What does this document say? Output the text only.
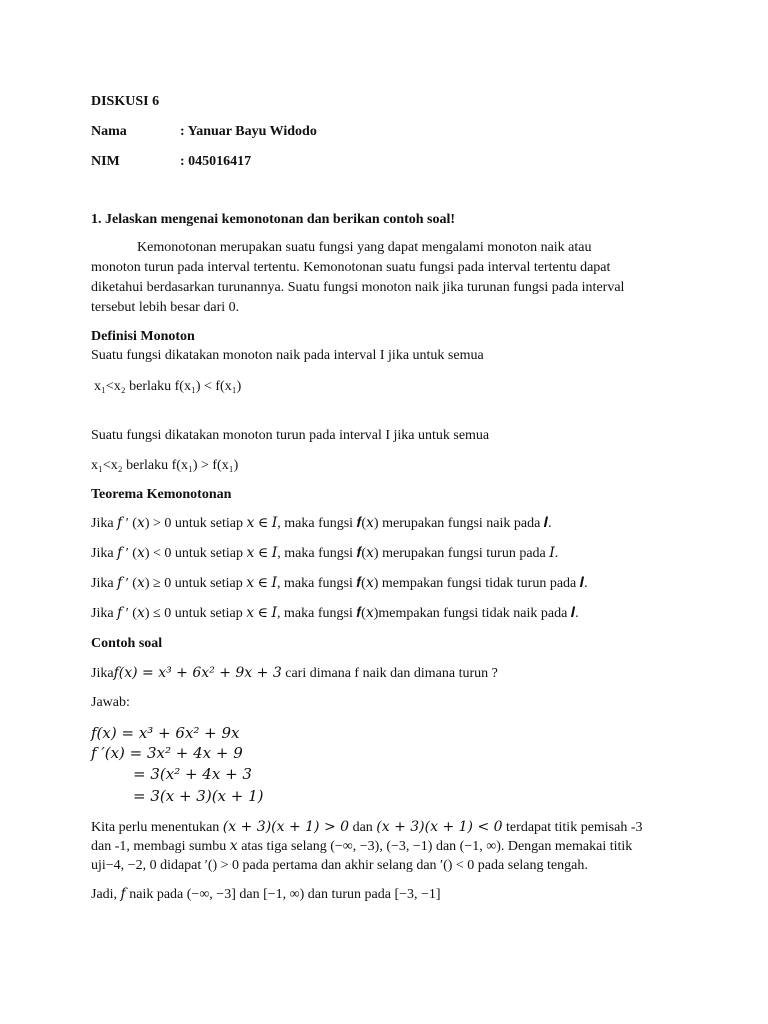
DISKUSI 6
Nama	: Yanuar Bayu Widodo
NIM	: 045016417
1. Jelaskan mengenai kemonotonan dan berikan contoh soal!
Kemonotonan merupakan suatu fungsi yang dapat mengalami monoton naik atau
monoton turun pada interval tertentu. Kemonotonan suatu fungsi pada interval tertentu dapat
diketahui berdasarkan turunannya. Suatu fungsi monoton naik jika turunan fungsi pada interval
tersebut lebih besar dari 0.
Definisi Monoton
Suatu fungsi dikatakan monoton naik pada interval I jika untuk semua
x₁<x₂ berlaku f(x₁) < f(x₁)
Suatu fungsi dikatakan monoton turun pada interval I jika untuk semua
x₁<x₂ berlaku f(x₁) > f(x₁)
Teorema Kemonotonan
Jika 𝑓 ′ (𝑥) > 0 untuk setiap 𝑥 ∈ 𝐼, maka fungsi 𝒇(𝑥) merupakan fungsi naik pada 𝑰.
Jika 𝑓 ′ (𝑥) < 0 untuk setiap 𝑥 ∈ 𝐼, maka fungsi 𝒇(𝑥) merupakan fungsi turun pada 𝐼.
Jika 𝑓 ′ (𝑥) ≥ 0 untuk setiap 𝑥 ∈ 𝐼, maka fungsi 𝒇(𝑥) mempakan fungsi tidak turun pada 𝑰.
Jika 𝑓 ′ (𝑥) ≤ 0 untuk setiap 𝑥 ∈ 𝐼, maka fungsi 𝒇(𝑥)mempakan fungsi tidak naik pada 𝑰.
Contoh soal
Jika𝑓(𝑥) = 𝑥³ + 6𝑥² + 9𝑥 + 3 cari dimana f naik dan dimana turun ?
Jawab:
𝑓(𝑥) = 𝑥³ + 6𝑥² + 9𝑥
𝑓 ′(𝑥) = 3𝑥² + 4𝑥 + 9
= 3(𝑥² + 4𝑥 + 3
= 3(𝑥 + 3)(𝑥 + 1)
Kita perlu menentukan (𝑥 + 3)(𝑥 + 1) > 0 dan (𝑥 + 3)(𝑥 + 1) < 0 terdapat titik pemisah -3
dan -1, membagi sumbu 𝑥 atas tiga selang (−∞, −3), (−3, −1) dan (−1, ∞). Dengan memakai titik
uji−4, −2, 0 didapat ′() > 0 pada pertama dan akhir selang dan ′() < 0 pada selang tengah.
Jadi, 𝑓 naik pada (−∞, −3] dan [−1, ∞) dan turun pada [−3, −1]
